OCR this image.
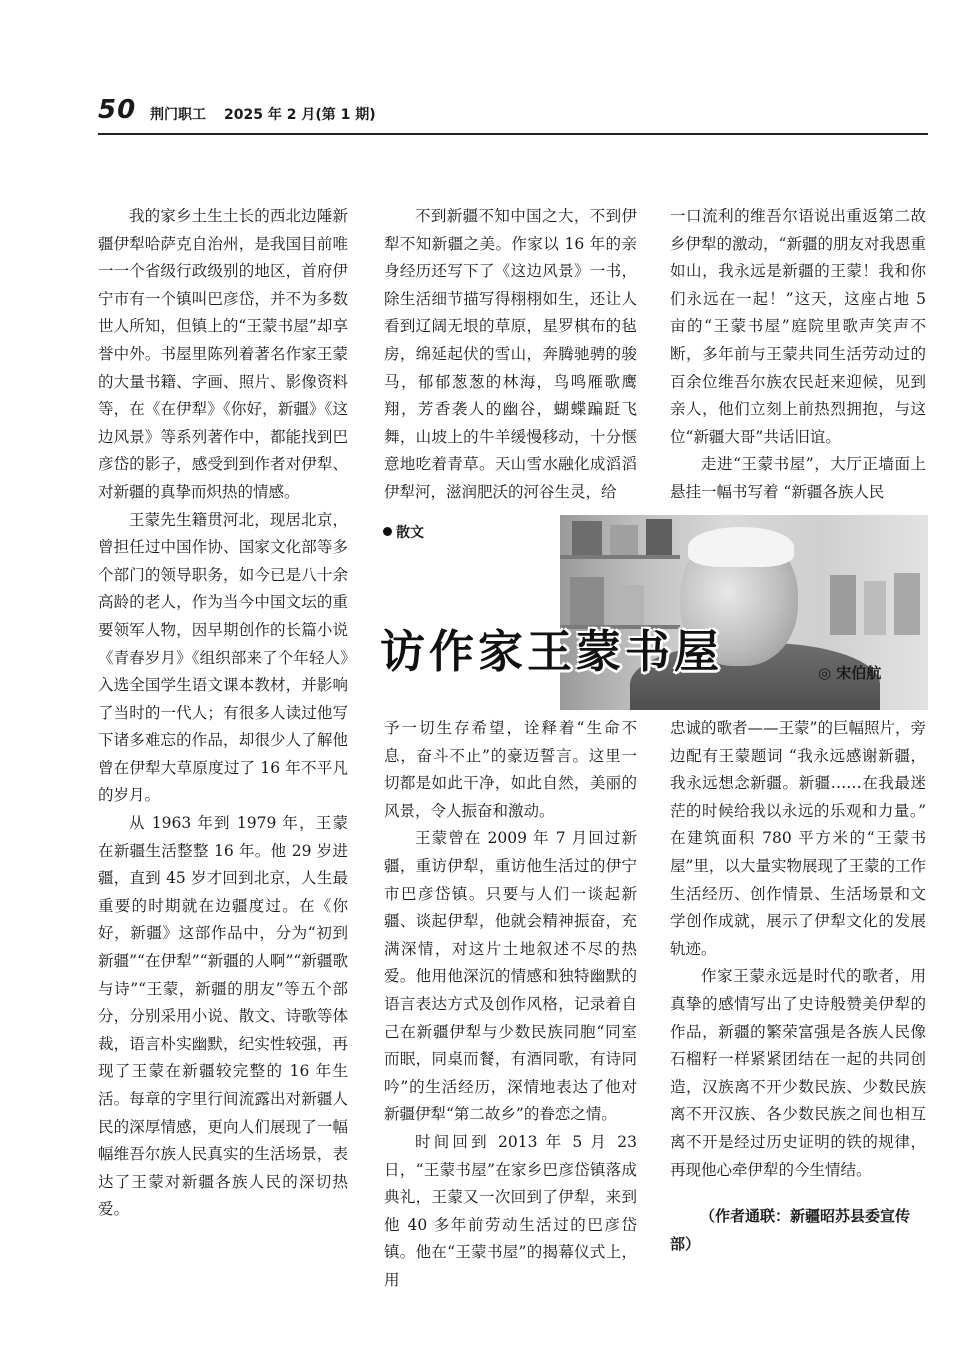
50 荆门职工 2025 年 2 月(第 1 期)

我的家乡土生土长的西北边陲新疆伊犁哈萨克自治州，是我国目前唯一一个省级行政级别的地区，首府伊宁市有一个镇叫巴彦岱，并不为多数世人所知，但镇上的“王蒙书屋”却享誉中外。书屋里陈列着著名作家王蒙的大量书籍、字画、照片、影像资料等，在《在伊犁》《你好，新疆》《这边风景》等系列著作中，都能找到巴彦岱的影子，感受到到作者对伊犁、对新疆的真挚而炽热的情感。

王蒙先生籍贯河北，现居北京，曾担任过中国作协、国家文化部等多个部门的领导职务，如今已是八十余高龄的老人，作为当今中国文坛的重要领军人物，因早期创作的长篇小说《青春岁月》《组织部来了个年轻人》入选全国学生语文课本教材，并影响了当时的一代人；有很多人读过他写下诸多难忘的作品，却很少人了解他曾在伊犁大草原度过了 16 年不平凡的岁月。

从 1963 年到 1979 年，王蒙在新疆生活整整 16 年。他 29 岁进疆，直到 45 岁才回到北京，人生最重要的时期就在边疆度过。在《你好，新疆》这部作品中，分为“初到新疆”“在伊犁”“新疆的人啊”“新疆歌与诗”“王蒙，新疆的朋友”等五个部分，分别采用小说、散文、诗歌等体裁，语言朴实幽默，纪实性较强，再现了王蒙在新疆较完整的 16 年生活。每章的字里行间流露出对新疆人民的深厚情感，更向人们展现了一幅幅维吾尔族人民真实的生活场景，表达了王蒙对新疆各族人民的深切热爱。

不到新疆不知中国之大，不到伊犁不知新疆之美。作家以 16 年的亲身经历还写下了《这边风景》一书，除生活细节描写得栩栩如生，还让人看到辽阔无垠的草原，星罗棋布的毡房，绵延起伏的雪山，奔腾驰骋的骏马，郁郁葱葱的林海，鸟鸣雁歌鹰翔，芳香袭人的幽谷，蝴蝶蹁跹飞舞，山坡上的牛羊缓慢移动，十分惬意地吃着青草。天山雪水融化成滔滔伊犁河，滋润肥沃的河谷生灵，给

一口流利的维吾尔语说出重返第二故乡伊犁的激动，“新疆的朋友对我恩重如山，我永远是新疆的王蒙！我和你们永远在一起！”这天，这座占地 5 亩的“王蒙书屋”庭院里歌声笑声不断，多年前与王蒙共同生活劳动过的百余位维吾尔族农民赶来迎候，见到亲人，他们立刻上前热烈拥抱，与这位“新疆大哥”共话旧谊。

走进“王蒙书屋”，大厅正墙面上悬挂一幅书写着 “新疆各族人民

散文
访作家王蒙书屋	◎ 宋伯航

予一切生存希望，诠释着“生命不息，奋斗不止”的豪迈誓言。这里一切都是如此干净，如此自然，美丽的风景，令人振奋和激动。

王蒙曾在 2009 年 7 月回过新疆，重访伊犁，重访他生活过的伊宁市巴彦岱镇。只要与人们一谈起新疆、谈起伊犁，他就会精神振奋，充满深情，对这片土地叙述不尽的热爱。他用他深沉的情感和独特幽默的语言表达方式及创作风格，记录着自己在新疆伊犁与少数民族同胞“同室而眠，同桌而餐，有酒同歌，有诗同吟”的生活经历，深情地表达了他对新疆伊犁“第二故乡”的眷恋之情。

时间回到 2013 年 5 月 23 日，“王蒙书屋”在家乡巴彦岱镇落成典礼，王蒙又一次回到了伊犁，来到他 40 多年前劳动生活过的巴彦岱镇。他在“王蒙书屋”的揭幕仪式上，用

忠诚的歌者——王蒙”的巨幅照片，旁边配有王蒙题词 “我永远感谢新疆，我永远想念新疆。新疆……在我最迷茫的时候给我以永远的乐观和力量。” 在建筑面积 780 平方米的“王蒙书屋”里，以大量实物展现了王蒙的工作生活经历、创作情景、生活场景和文学创作成就，展示了伊犁文化的发展轨迹。

作家王蒙永远是时代的歌者，用真挚的感情写出了史诗般赞美伊犁的作品，新疆的繁荣富强是各族人民像石榴籽一样紧紧团结在一起的共同创造，汉族离不开少数民族、少数民族离不开汉族、各少数民族之间也相互离不开是经过历史证明的铁的规律，再现他心牵伊犁的今生情结。

（作者通联：新疆昭苏县委宣传部）
